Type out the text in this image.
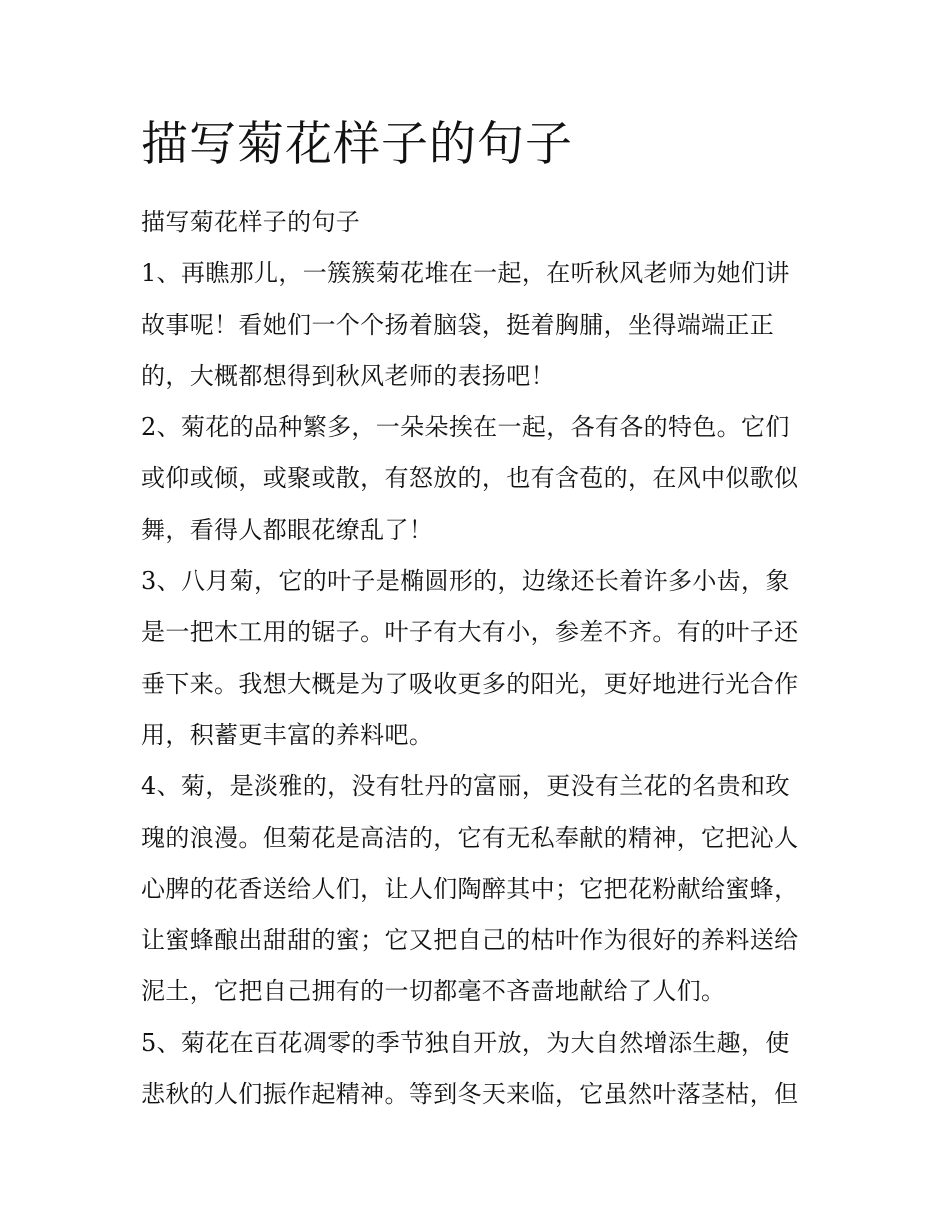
描写菊花样子的句子
描写菊花样子的句子
1、再瞧那儿，一簇簇菊花堆在一起，在听秋风老师为她们讲
故事呢！看她们一个个扬着脑袋，挺着胸脯，坐得端端正正
的，大概都想得到秋风老师的表扬吧！
2、菊花的品种繁多，一朵朵挨在一起，各有各的特色。它们
或仰或倾，或聚或散，有怒放的，也有含苞的，在风中似歌似
舞，看得人都眼花缭乱了！
3、八月菊，它的叶子是椭圆形的，边缘还长着许多小齿，象
是一把木工用的锯子。叶子有大有小，参差不齐。有的叶子还
垂下来。我想大概是为了吸收更多的阳光，更好地进行光合作
用，积蓄更丰富的养料吧。
4、菊，是淡雅的，没有牡丹的富丽，更没有兰花的名贵和玫
瑰的浪漫。但菊花是高洁的，它有无私奉献的精神，它把沁人
心脾的花香送给人们，让人们陶醉其中；它把花粉献给蜜蜂，
让蜜蜂酿出甜甜的蜜；它又把自己的枯叶作为很好的养料送给
泥土，它把自己拥有的一切都毫不吝啬地献给了人们。
5、菊花在百花凋零的季节独自开放，为大自然增添生趣，使
悲秋的人们振作起精神。等到冬天来临，它虽然叶落茎枯，但
